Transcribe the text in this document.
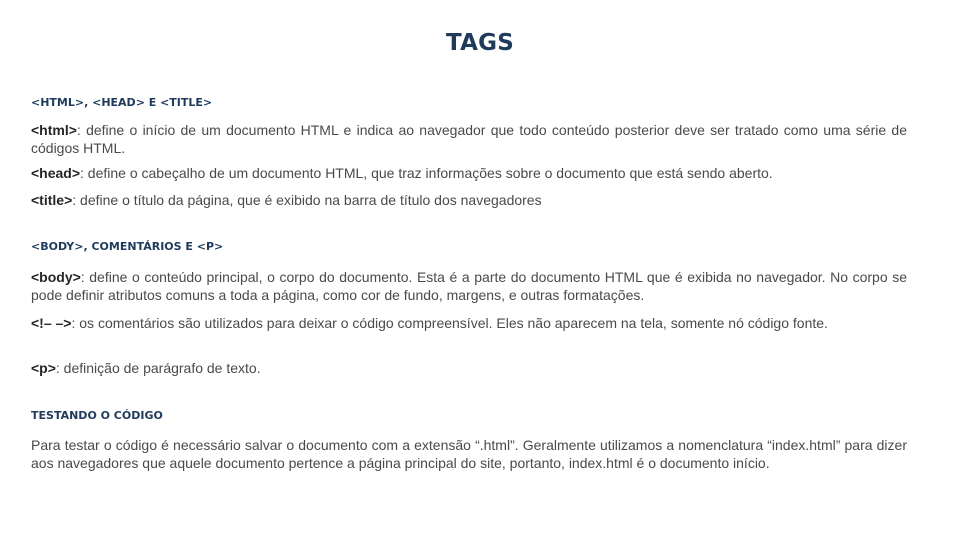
TAGS
<HTML>, <HEAD> E <TITLE>
<html>: define o início de um documento HTML e indica ao navegador que todo conteúdo posterior deve ser tratado como uma série de códigos HTML.
<head>: define o cabeçalho de um documento HTML, que traz informações sobre o documento que está sendo aberto.
<title>: define o título da página, que é exibido na barra de título dos navegadores
<BODY>, COMENTÁRIOS E <P>
<body>: define o conteúdo principal, o corpo do documento. Esta é a parte do documento HTML que é exibida no navegador. No corpo se pode definir atributos comuns a toda a página, como cor de fundo, margens, e outras formatações.
<!– –>: os comentários são utilizados para deixar o código compreensível. Eles não aparecem na tela, somente nó código fonte.
<p>: definição de parágrafo de texto.
TESTANDO O CÓDIGO
Para testar o código é necessário salvar o documento com a extensão “.html”. Geralmente utilizamos a nomenclatura “index.html” para dizer aos navegadores que aquele documento pertence a página principal do site, portanto, index.html é o documento início.
